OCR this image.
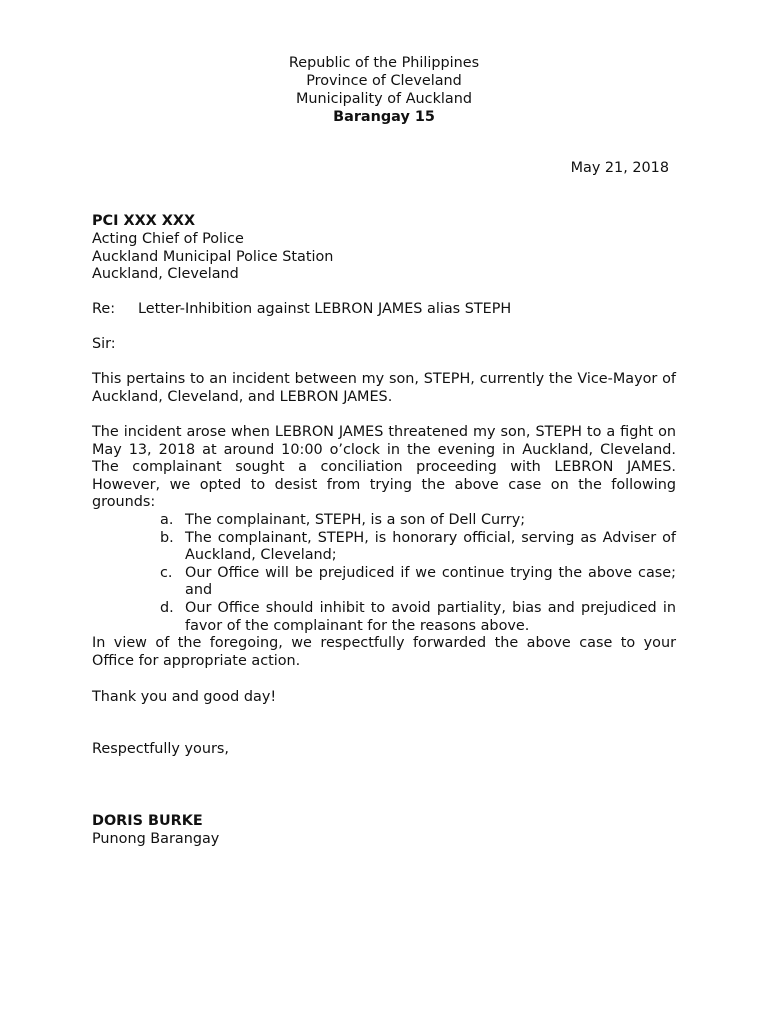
Republic of the Philippines
Province of Cleveland
Municipality of Auckland
Barangay 15
May 21, 2018
PCI XXX XXX
Acting Chief of Police
Auckland Municipal Police Station
Auckland, Cleveland
Re: Letter-Inhibition against LEBRON JAMES alias STEPH
Sir:
This pertains to an incident between my son, STEPH, currently the Vice-Mayor of Auckland, Cleveland, and LEBRON JAMES.
The incident arose when LEBRON JAMES threatened my son, STEPH to a fight on May 13, 2018 at around 10:00 o’clock in the evening in Auckland, Cleveland. The complainant sought a conciliation proceeding with LEBRON JAMES. However, we opted to desist from trying the above case on the following grounds:
a. The complainant, STEPH, is a son of Dell Curry;
b. The complainant, STEPH, is honorary official, serving as Adviser of Auckland, Cleveland;
c. Our Office will be prejudiced if we continue trying the above case; and
d. Our Office should inhibit to avoid partiality, bias and prejudiced in favor of the complainant for the reasons above.
In view of the foregoing, we respectfully forwarded the above case to your Office for appropriate action.
Thank you and good day!
Respectfully yours,
DORIS BURKE
Punong Barangay
